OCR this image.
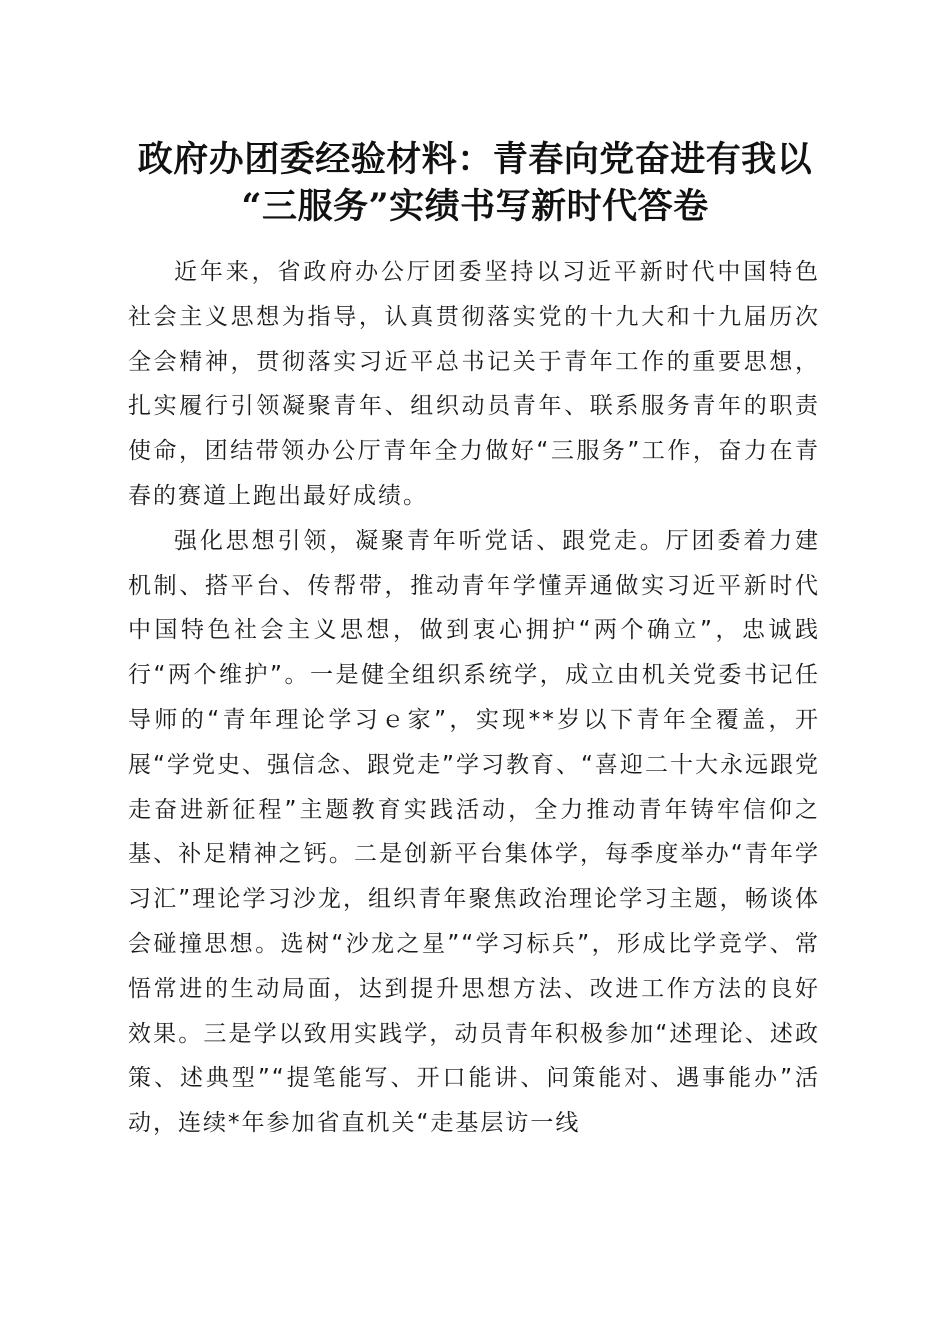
政府办团委经验材料：青春向党奋进有我以
“三服务”实绩书写新时代答卷

近年来，省政府办公厅团委坚持以习近平新时代中国特色社会主义思想为指导，认真贯彻落实党的十九大和十九届历次全会精神，贯彻落实习近平总书记关于青年工作的重要思想，扎实履行引领凝聚青年、组织动员青年、联系服务青年的职责使命，团结带领办公厅青年全力做好“三服务”工作，奋力在青春的赛道上跑出最好成绩。

强化思想引领，凝聚青年听党话、跟党走。厅团委着力建机制、搭平台、传帮带，推动青年学懂弄通做实习近平新时代中国特色社会主义思想，做到衷心拥护“两个确立”，忠诚践行“两个维护”。一是健全组织系统学，成立由机关党委书记任导师的“青年理论学习ｅ家”，实现**岁以下青年全覆盖，开展“学党史、强信念、跟党走”学习教育、“喜迎二十大永远跟党走奋进新征程”主题教育实践活动，全力推动青年铸牢信仰之基、补足精神之钙。二是创新平台集体学，每季度举办“青年学习汇”理论学习沙龙，组织青年聚焦政治理论学习主题，畅谈体会碰撞思想。选树“沙龙之星”“学习标兵”，形成比学竞学、常悟常进的生动局面，达到提升思想方法、改进工作方法的良好效果。三是学以致用实践学，动员青年积极参加“述理论、述政策、述典型”“提笔能写、开口能讲、问策能对、遇事能办”活动，连续*年参加省直机关“走基层访一线
